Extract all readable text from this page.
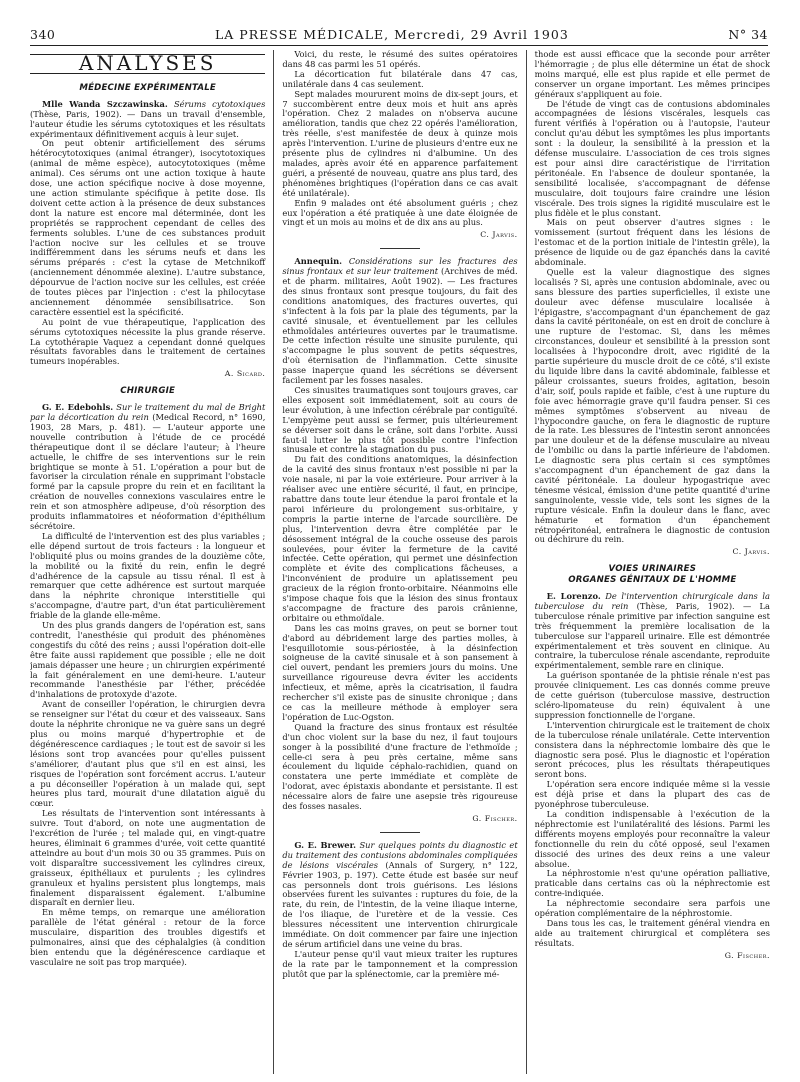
340	LA PRESSE MÉDICALE, Mercredi, 29 Avril 1903	N° 34
ANALYSES
MÉDECINE EXPÉRIMENTALE

Mlle Wanda Szczawinska. Sérums cytotoxiques (Thèse, Paris, 1902). — Dans un travail d'ensemble, l'auteur étudie les sérums cytotoxiques et les résultats expérimentaux définitivement acquis à leur sujet.

On peut obtenir artificiellement des sérums hétérocytotoxiques (animal étranger), isocytotoxiques (animal de même espèce), autocytotoxiques (même animal). Ces sérums ont une action toxique à haute dose, une action spécifique nocive à dose moyenne, une action stimulante spécifique à petite dose. Ils doivent cette action à la présence de deux substances dont la nature est encore mal déterminée, dont les propriétés se rapprochent cependant de celles des ferments solubles. L'une de ces substances produit l'action nocive sur les cellules et se trouve indifféremment dans les sérums neufs et dans les sérums préparés : c'est la cytase de Metchnikoff (anciennement dénommée alexine). L'autre substance, dépourvue de l'action nocive sur les cellules, est créée de toutes pièces par l'injection : c'est la philocytase anciennement dénommée sensibilisatrice. Son caractère essentiel est la spécificité.

Au point de vue thérapeutique, l'application des sérums cytotoxiques nécessite la plus grande réserve. La cytothérapie Vaquez a cependant donné quelques résultats favorables dans le traitement de certaines tumeurs inopérables.

A. Sicard.
CHIRURGIE

G. E. Edebohls. Sur le traitement du mal de Bright par la décortication du rein (Medical Record, n° 1690, 1903, 28 Mars, p. 481). — L'auteur apporte une nouvelle contribution à l'étude de ce procédé thérapeutique dont il se déclare l'auteur; à l'heure actuelle, le chiffre de ses interventions sur le rein brightique se monte à 51. L'opération a pour but de favoriser la circulation rénale en supprimant l'obstacle formé par la capsule propre du rein et en facilitant la création de nouvelles connexions vasculaires entre le rein et son atmosphère adipeuse, d'où résorption des produits inflammatoires et néoformation d'épithélium sécrétoire.

La difficulté de l'intervention est des plus variables ; elle dépend surtout de trois facteurs : la longueur et l'obliquité plus ou moins grandes de la douzième côte, la mobilité ou la fixité du rein, enfin le degré d'adhérence de la capsule au tissu rénal. Il est à remarquer que cette adhérence est surtout marquée dans la néphrite chronique interstitielle qui s'accompagne, d'autre part, d'un état particulièrement friable de la glande elle-même.

Un des plus grands dangers de l'opération est, sans contredit, l'anesthésie qui produit des phénomènes congestifs du côté des reins ; aussi l'opération doit-elle être faite aussi rapidement que possible ; elle ne doit jamais dépasser une heure ; un chirurgien expérimenté la fait généralement en une demi-heure. L'auteur recommande l'anesthésie par l'éther, précédée d'inhalations de protoxyde d'azote.

Avant de conseiller l'opération, le chirurgien devra se renseigner sur l'état du cœur et des vaisseaux. Sans doute la néphrite chronique ne va guère sans un degré plus ou moins marqué d'hypertrophie et de dégénérescence cardiaques ; le tout est de savoir si les lésions sont trop avancées pour qu'elles puissent s'améliorer, d'autant plus que s'il en est ainsi, les risques de l'opération sont forcément accrus. L'auteur a pu déconseiller l'opération à un malade qui, sept heures plus tard, mourait d'une dilatation aiguë du cœur.

Les résultats de l'intervention sont intéressants à suivre. Tout d'abord, on note une augmentation de l'excrétion de l'urée ; tel malade qui, en vingt-quatre heures, éliminait 6 grammes d'urée, voit cette quantité atteindre au bout d'un mois 30 ou 35 grammes. Puis on voit disparaître successivement les cylindres cireux, graisseux, épithéliaux et purulents ; les cylindres granuleux et hyalins persistent plus longtemps, mais finalement disparaissent également. L'albumine disparaît en dernier lieu.

En même temps, on remarque une amélioration parallèle de l'état général : retour de la force musculaire, disparition des troubles digestifs et pulmonaires, ainsi que des céphalalgies (à condition bien entendu que la dégénérescence cardiaque et vasculaire ne soit pas trop marquée).

Voici, du reste, le résumé des suites opératoires dans 48 cas parmi les 51 opérés.

La décortication fut bilatérale dans 47 cas, unilatérale dans 4 cas seulement.

Sept malades moururent moins de dix-sept jours, et 7 succombèrent entre deux mois et huit ans après l'opération. Chez 2 malades on n'observa aucune amélioration, tandis que chez 22 opérés l'amélioration, très réelle, s'est manifestée de deux à quinze mois après l'intervention. L'urine de plusieurs d'entre eux ne présente plus de cylindres ni d'albumine. Un des malades, après avoir été en apparence parfaitement guéri, a présenté de nouveau, quatre ans plus tard, des phénomènes brightiques (l'opération dans ce cas avait été unilatérale).

Enfin 9 malades ont été absolument guéris ; chez eux l'opération a été pratiquée à une date éloignée de vingt et un mois au moins et de dix ans au plus.

C. Jarvis.

Annequin. Considérations sur les fractures des sinus frontaux et sur leur traitement (Archives de méd. et de pharm. militaires, Août 1902). — Les fractures des sinus frontaux sont presque toujours, du fait des conditions anatomiques, des fractures ouvertes, qui s'infectent à la fois par la plaie des téguments, par la cavité sinusale, et éventuellement par les cellules ethmoïdales antérieures ouvertes par le traumatisme. De cette infection résulte une sinusite purulente, qui s'accompagne le plus souvent de petits séquestres, d'où éternisation de l'inflammation. Cette sinusite passe inaperçue quand les sécrétions se déversent facilement par les fosses nasales.

Ces sinusites traumatiques sont toujours graves, car elles exposent soit immédiatement, soit au cours de leur évolution, à une infection cérébrale par contiguïté. L'empyème peut aussi se fermer, puis ultérieurement se déverser soit dans le crâne, soit dans l'orbite. Aussi faut-il lutter le plus tôt possible contre l'infection sinusale et contre la stagnation du pus.

Du fait des conditions anatomiques, la désinfection de la cavité des sinus frontaux n'est possible ni par la voie nasale, ni par la voie extérieure. Pour arriver à la réaliser avec une entière sécurité, il faut, en principe, rabattre dans toute leur étendue la paroi frontale et la paroi inférieure du prolongement sus-orbitaire, y compris la partie interne de l'arcade sourcilière. De plus, l'intervention devra être complétée par le désossement intégral de la couche osseuse des parois soulevées, pour éviter la fermeture de la cavité infectée. Cette opération, qui permet une désinfection complète et évite des complications fâcheuses, a l'inconvénient de produire un aplatissement peu gracieux de la région fronto-orbitaire. Néanmoins elle s'impose chaque fois que la lésion des sinus frontaux s'accompagne de fracture des parois crânienne, orbitaire ou ethmoïdale.

Dans les cas moins graves, on peut se borner tout d'abord au débridement large des parties molles, à l'esquillotomie sous-périostée, à la désinfection soigneuse de la cavité sinusale et à son pansement à ciel ouvert, pendant les premiers jours du moins. Une surveillance rigoureuse devra éviter les accidents infectieux, et même, après la cicatrisation, il faudra rechercher s'il existe pas de sinusite chronique ; dans ce cas la meilleure méthode à employer sera l'opération de Luc-Ogston.

Quand la fracture des sinus frontaux est résultée d'un choc violent sur la base du nez, il faut toujours songer à la possibilité d'une fracture de l'ethmoïde ; celle-ci sera à peu près certaine, même sans écoulement du liquide céphalo-rachidien, quand on constatera une perte immédiate et complète de l'odorat, avec épistaxis abondante et persistante. Il est nécessaire alors de faire une asepsie très rigoureuse des fosses nasales.

G. Fischer.

G. E. Brewer. Sur quelques points du diagnostic et du traitement des contusions abdominales compliquées de lésions viscérales (Annals of Surgery, n° 122, Février 1903, p. 197). Cette étude est basée sur neuf cas personnels dont trois guérisons. Les lésions observées furent les suivantes : ruptures du foie, de la rate, du rein, de l'intestin, de la veine iliaque interne, de l'os iliaque, de l'uretère et de la vessie. Ces blessures nécessitent une intervention chirurgicale immédiate. On doit commencer par faire une injection de sérum artificiel dans une veine du bras.

L'auteur pense qu'il vaut mieux traiter les ruptures de la rate par le tamponnement et la compression plutôt que par la splénectomie, car la première mé-

thode est aussi efficace que la seconde pour arrêter l'hémorragie ; de plus elle détermine un état de shock moins marqué, elle est plus rapide et elle permet de conserver un organe important. Les mêmes principes généraux s'appliquent au foie.

De l'étude de vingt cas de contusions abdominales accompagnées de lésions viscérales, lesquels cas furent vérifiés à l'opération ou à l'autopsie, l'auteur conclut qu'au début les symptômes les plus importants sont : la douleur, la sensibilité à la pression et la défense musculaire. L'association de ces trois signes est pour ainsi dire caractéristique de l'irritation péritonéale. En l'absence de douleur spontanée, la sensibilité localisée, s'accompagnant de défense musculaire, doit toujours faire craindre une lésion viscérale. Des trois signes la rigidité musculaire est le plus fidèle et le plus constant.

Mais on peut observer d'autres signes : le vomissement (surtout fréquent dans les lésions de l'estomac et de la portion initiale de l'intestin grêle), la présence de liquide ou de gaz épanchés dans la cavité abdominale.

Quelle est la valeur diagnostique des signes localisés ? Si, après une contusion abdominale, avec ou sans blessure des parties superficielles, il existe une douleur avec défense musculaire localisée à l'épigastre, s'accompagnant d'un épanchement de gaz dans la cavité péritonéale, on est en droit de conclure à une rupture de l'estomac. Si, dans les mêmes circonstances, douleur et sensibilité à la pression sont localisées à l'hypocondre droit, avec rigidité de la partie supérieure du muscle droit de ce côté, s'il existe du liquide libre dans la cavité abdominale, faiblesse et pâleur croissantes, sueurs froides, agitation, besoin d'air, soif, pouls rapide et faible, c'est à une rupture du foie avec hémorragie grave qu'il faudra penser. Si ces mêmes symptômes s'observent au niveau de l'hypocondre gauche, on fera le diagnostic de rupture de la rate. Les blessures de l'intestin seront annoncées par une douleur et de la défense musculaire au niveau de l'ombilic ou dans la partie inférieure de l'abdomen. Le diagnostic sera plus certain si ces symptômes s'accompagnent d'un épanchement de gaz dans la cavité péritonéale. La douleur hypogastrique avec ténesme vésical, émission d'une petite quantité d'urine sanguinolente, vessie vide, tels sont les signes de la rupture vésicale. Enfin la douleur dans le flanc, avec hématurie et formation d'un épanchement rétropéritonéal, entraînera le diagnostic de contusion ou déchirure du rein.

C. Jarvis.
VOIES URINAIRES
ORGANES GÉNITAUX DE L'HOMME

E. Lorenzo. De l'intervention chirurgicale dans la tuberculose du rein (Thèse, Paris, 1902). — La tuberculose rénale primitive par infection sanguine est très fréquemment la première localisation de la tuberculose sur l'appareil urinaire. Elle est démontrée expérimentalement et très souvent en clinique. Au contraire, la tuberculose rénale ascendante, reproduite expérimentalement, semble rare en clinique.

La guérison spontanée de la phtisie rénale n'est pas prouvée cliniquement. Les cas donnés comme preuve de cette guérison (tuberculose massive, destruction scléro-lipomateuse du rein) équivalent à une suppression fonctionnelle de l'organe.

L'intervention chirurgicale est le traitement de choix de la tuberculose rénale unilatérale. Cette intervention consistera dans la néphrectomie lombaire dès que le diagnostic sera posé. Plus le diagnostic et l'opération seront précoces, plus les résultats thérapeutiques seront bons.

L'opération sera encore indiquée même si la vessie est déjà prise et dans la plupart des cas de pyonéphrose tuberculeuse.

La condition indispensable à l'exécution de la néphrectomie est l'unilatéralité des lésions. Parmi les différents moyens employés pour reconnaître la valeur fonctionnelle du rein du côté opposé, seul l'examen dissocié des urines des deux reins a une valeur absolue.

La néphrostomie n'est qu'une opération palliative, praticable dans certains cas où la néphrectomie est contre-indiquée.

La néphrectomie secondaire sera parfois une opération complémentaire de la néphrostomie.

Dans tous les cas, le traitement général viendra en aide au traitement chirurgical et complétera ses résultats.

G. Fischer.
